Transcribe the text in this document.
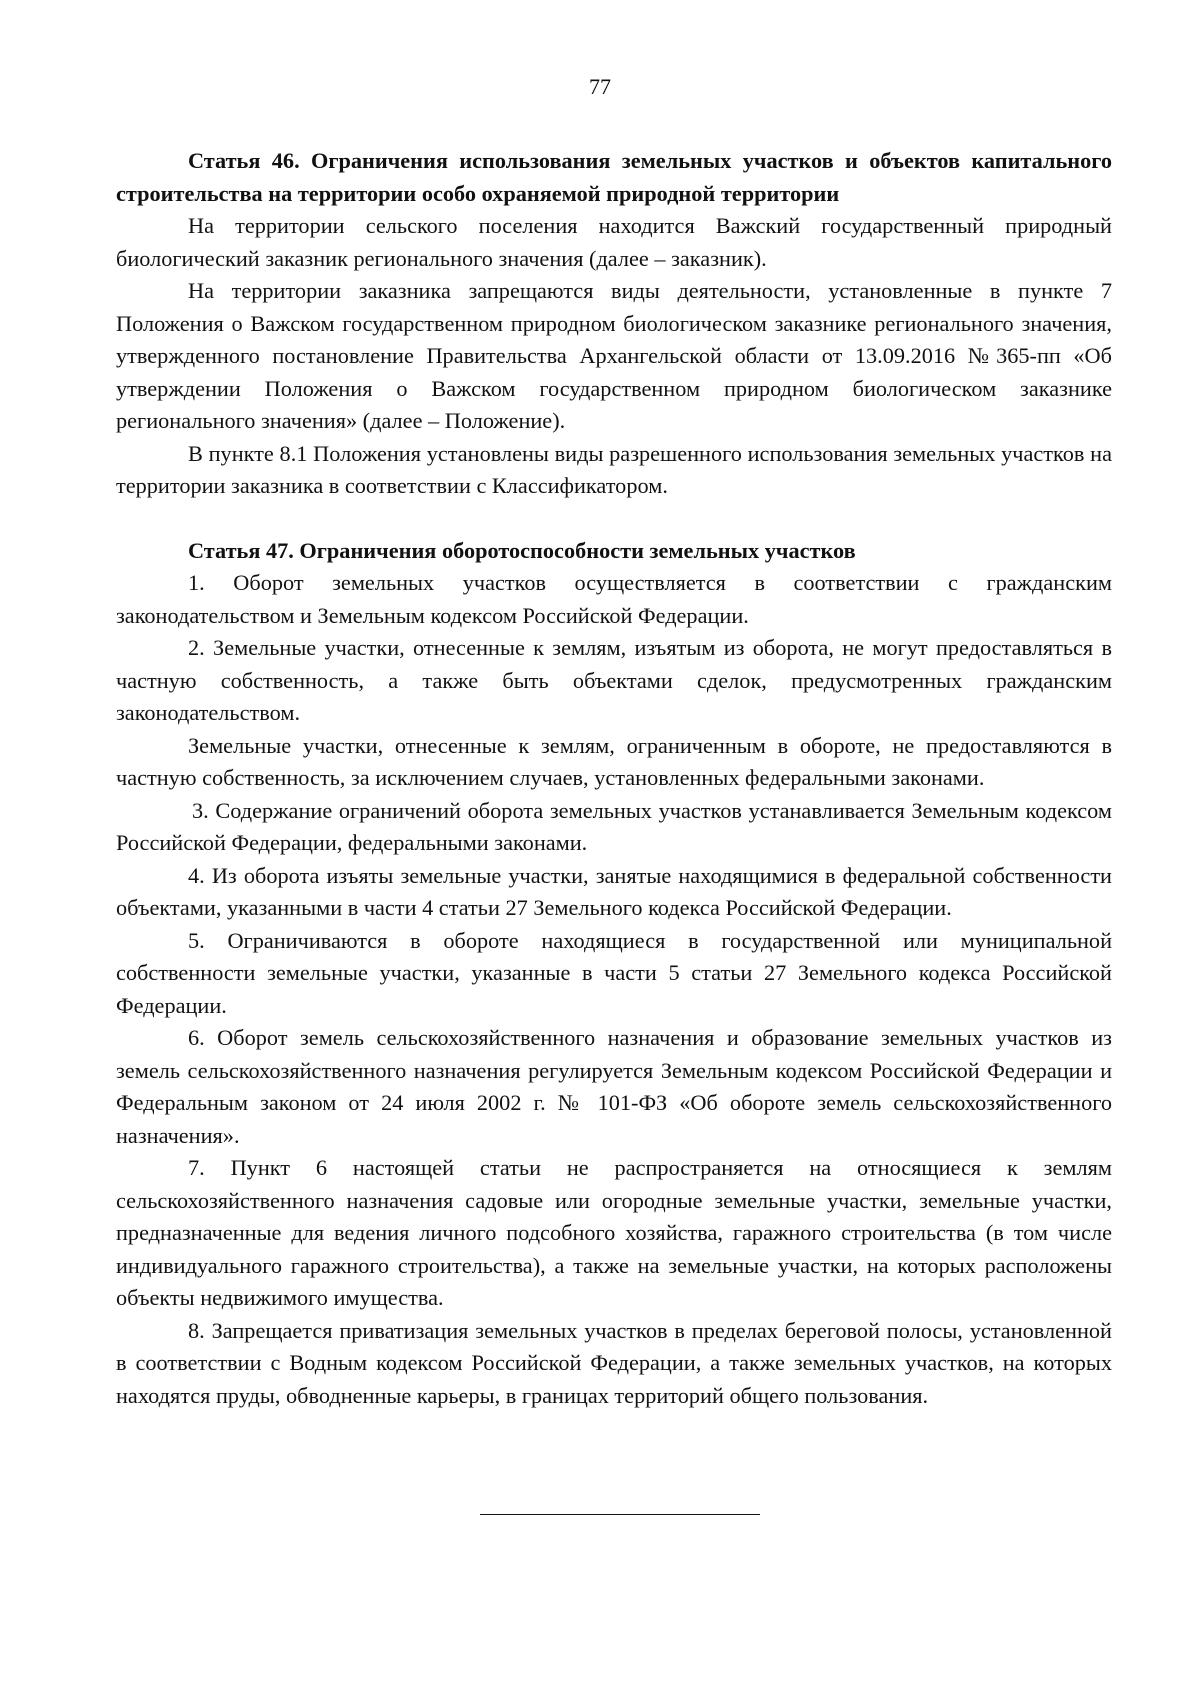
77

Статья 46. Ограничения использования земельных участков и объектов капитального строительства на территории особо охраняемой природной территории

На территории сельского поселения находится Важский государственный природный биологический заказник регионального значения (далее – заказник).

На территории заказника запрещаются виды деятельности, установленные в пункте 7 Положения о Важском государственном природном биологическом заказнике регионального значения, утвержденного постановление Правительства Архангельской области от 13.09.2016 №365-пп «Об утверждении Положения о Важском государственном природном биологическом заказнике регионального значения» (далее – Положение).

В пункте 8.1 Положения установлены виды разрешенного использования земельных участков на территории заказника в соответствии с Классификатором.

Статья 47. Ограничения оборотоспособности земельных участков

1. Оборот земельных участков осуществляется в соответствии с гражданским законодательством и Земельным кодексом Российской Федерации.

2. Земельные участки, отнесенные к землям, изъятым из оборота, не могут предоставляться в частную собственность, а также быть объектами сделок, предусмотренных гражданским законодательством.

Земельные участки, отнесенные к землям, ограниченным в обороте, не предоставляются в частную собственность, за исключением случаев, установленных федеральными законами.

3. Содержание ограничений оборота земельных участков устанавливается Земельным кодексом Российской Федерации, федеральными законами.

4. Из оборота изъяты земельные участки, занятые находящимися в федеральной собственности объектами, указанными в части 4 статьи 27 Земельного кодекса Российской Федерации.

5. Ограничиваются в обороте находящиеся в государственной или муниципальной собственности земельные участки, указанные в части 5 статьи 27 Земельного кодекса Российской Федерации.

6. Оборот земель сельскохозяйственного назначения и образование земельных участков из земель сельскохозяйственного назначения регулируется Земельным кодексом Российской Федерации и Федеральным законом от 24 июля 2002 г. № 101-ФЗ «Об обороте земель сельскохозяйственного назначения».

7. Пункт 6 настоящей статьи не распространяется на относящиеся к землям сельскохозяйственного назначения садовые или огородные земельные участки, земельные участки, предназначенные для ведения личного подсобного хозяйства, гаражного строительства (в том числе индивидуального гаражного строительства), а также на земельные участки, на которых расположены объекты недвижимого имущества.

8. Запрещается приватизация земельных участков в пределах береговой полосы, установленной в соответствии с Водным кодексом Российской Федерации, а также земельных участков, на которых находятся пруды, обводненные карьеры, в границах территорий общего пользования.
